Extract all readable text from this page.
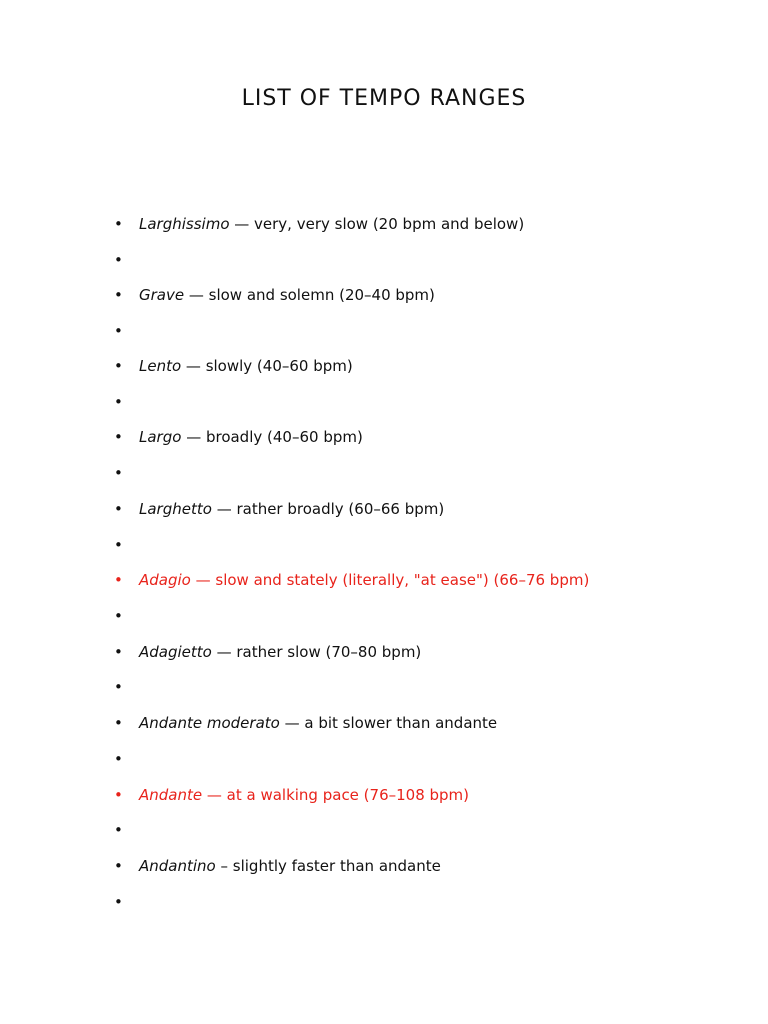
LIST OF TEMPO RANGES
• Larghissimo — very, very slow (20 bpm and below)
•
• Grave — slow and solemn (20–40 bpm)
•
• Lento — slowly (40–60 bpm)
•
• Largo — broadly (40–60 bpm)
•
• Larghetto — rather broadly (60–66 bpm)
•
• Adagio — slow and stately (literally, "at ease") (66–76 bpm)
•
• Adagietto — rather slow (70–80 bpm)
•
• Andante moderato — a bit slower than andante
•
• Andante — at a walking pace (76–108 bpm)
•
• Andantino – slightly faster than andante
•
